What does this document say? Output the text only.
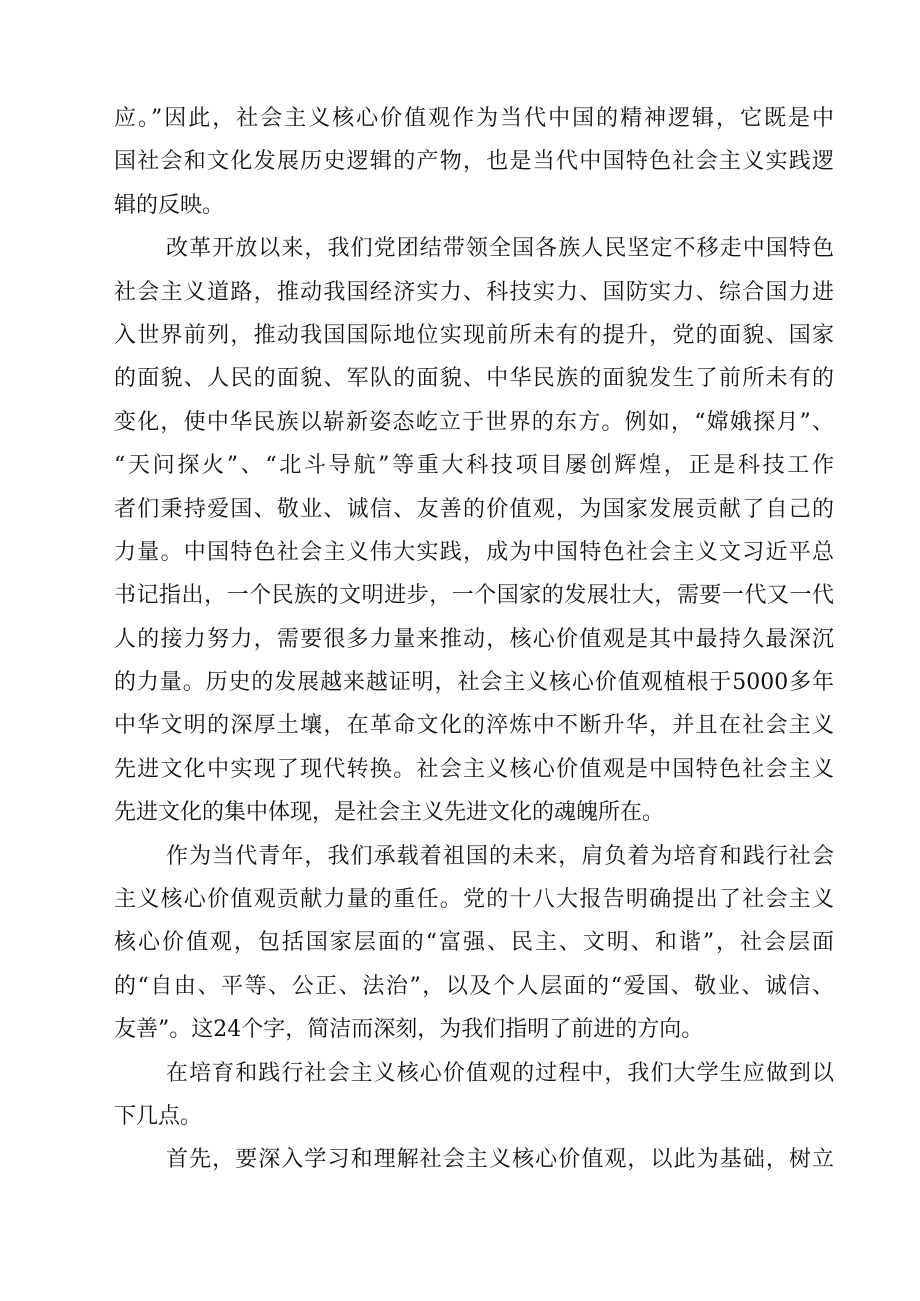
应。”因此，社会主义核心价值观作为当代中国的精神逻辑，它既是中
国社会和文化发展历史逻辑的产物，也是当代中国特色社会主义实践逻
辑的反映。
改革开放以来，我们党团结带领全国各族人民坚定不移走中国特色
社会主义道路，推动我国经济实力、科技实力、国防实力、综合国力进
入世界前列，推动我国国际地位实现前所未有的提升，党的面貌、国家
的面貌、人民的面貌、军队的面貌、中华民族的面貌发生了前所未有的
变化，使中华民族以崭新姿态屹立于世界的东方。例如，“嫦娥探月”、
“天问探火”、“北斗导航”等重大科技项目屡创辉煌，正是科技工作
者们秉持爱国、敬业、诚信、友善的价值观，为国家发展贡献了自己的
力量。中国特色社会主义伟大实践，成为中国特色社会主义文习近平总
书记指出，一个民族的文明进步，一个国家的发展壮大，需要一代又一代
人的接力努力，需要很多力量来推动，核心价值观是其中最持久最深沉
的力量。历史的发展越来越证明，社会主义核心价值观植根于5000多年
中华文明的深厚土壤，在革命文化的淬炼中不断升华，并且在社会主义
先进文化中实现了现代转换。社会主义核心价值观是中国特色社会主义
先进文化的集中体现，是社会主义先进文化的魂魄所在。
作为当代青年，我们承载着祖国的未来，肩负着为培育和践行社会
主义核心价值观贡献力量的重任。党的十八大报告明确提出了社会主义
核心价值观，包括国家层面的“富强、民主、文明、和谐”，社会层面
的“自由、平等、公正、法治”，以及个人层面的“爱国、敬业、诚信、
友善”。这24个字，简洁而深刻，为我们指明了前进的方向。
在培育和践行社会主义核心价值观的过程中，我们大学生应做到以
下几点。
首先，要深入学习和理解社会主义核心价值观，以此为基础，树立
